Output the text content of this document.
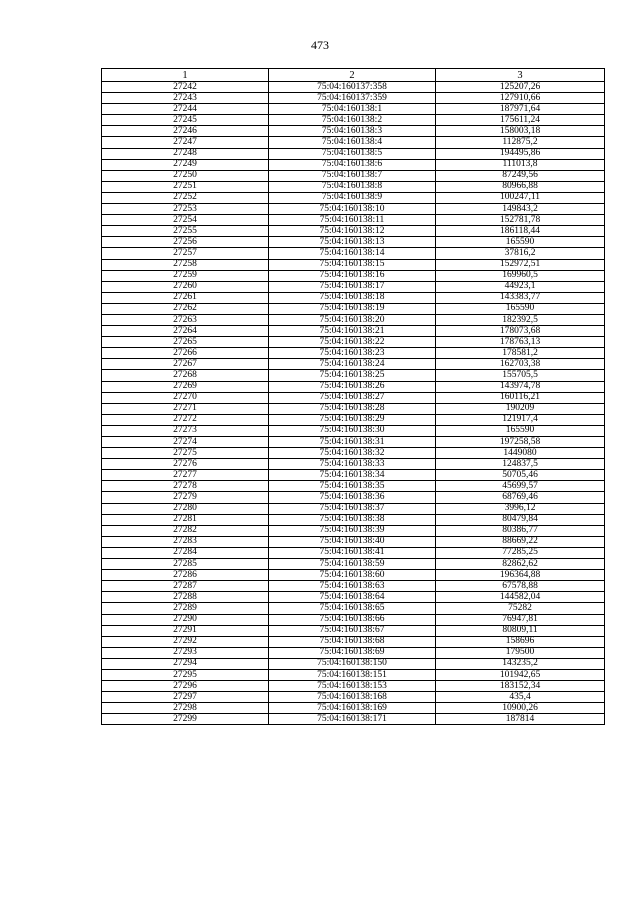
473
1	2	3
27242	75:04:160137:358	125207,26
27243	75:04:160137:359	127910,66
27244	75:04:160138:1	187971,64
27245	75:04:160138:2	175611,24
27246	75:04:160138:3	158003,18
27247	75:04:160138:4	112875,2
27248	75:04:160138:5	194495,86
27249	75:04:160138:6	111013,8
27250	75:04:160138:7	87249,56
27251	75:04:160138:8	80966,88
27252	75:04:160138:9	100247,11
27253	75:04:160138:10	149843,2
27254	75:04:160138:11	152781,78
27255	75:04:160138:12	186118,44
27256	75:04:160138:13	165590
27257	75:04:160138:14	37816,2
27258	75:04:160138:15	152972,51
27259	75:04:160138:16	169960,5
27260	75:04:160138:17	44923,1
27261	75:04:160138:18	143383,77
27262	75:04:160138:19	165590
27263	75:04:160138:20	182392,5
27264	75:04:160138:21	178073,68
27265	75:04:160138:22	178763,13
27266	75:04:160138:23	178581,2
27267	75:04:160138:24	162703,38
27268	75:04:160138:25	155705,5
27269	75:04:160138:26	143974,78
27270	75:04:160138:27	160116,21
27271	75:04:160138:28	190209
27272	75:04:160138:29	121917,4
27273	75:04:160138:30	165590
27274	75:04:160138:31	197258,58
27275	75:04:160138:32	1449080
27276	75:04:160138:33	124837,5
27277	75:04:160138:34	50705,46
27278	75:04:160138:35	45699,57
27279	75:04:160138:36	68769,46
27280	75:04:160138:37	3996,12
27281	75:04:160138:38	80479,84
27282	75:04:160138:39	80386,77
27283	75:04:160138:40	88669,22
27284	75:04:160138:41	77285,25
27285	75:04:160138:59	82862,62
27286	75:04:160138:60	196364,88
27287	75:04:160138:63	67578,88
27288	75:04:160138:64	144582,04
27289	75:04:160138:65	75282
27290	75:04:160138:66	76947,81
27291	75:04:160138:67	80809,11
27292	75:04:160138:68	158696
27293	75:04:160138:69	179500
27294	75:04:160138:150	143235,2
27295	75:04:160138:151	101942,65
27296	75:04:160138:153	183152,34
27297	75:04:160138:168	435,4
27298	75:04:160138:169	10900,26
27299	75:04:160138:171	187814
